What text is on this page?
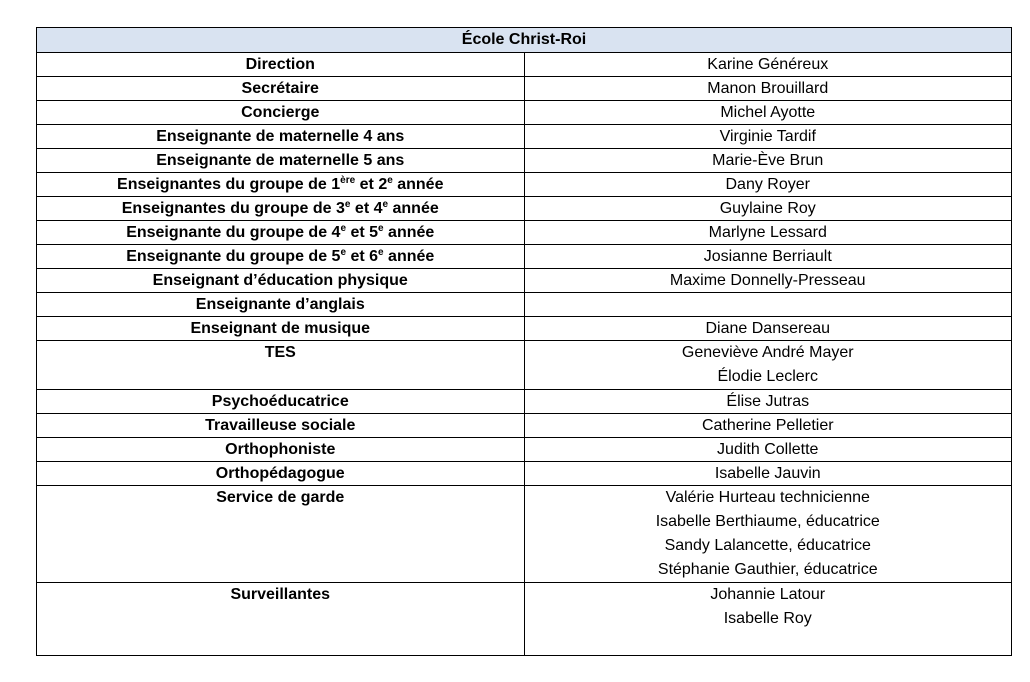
École Christ-Roi	
Direction	Karine Généreux
Secrétaire	Manon Brouillard
Concierge	Michel Ayotte
Enseignante de maternelle 4 ans	Virginie Tardif
Enseignante de maternelle 5 ans	Marie-Ève Brun
Enseignantes du groupe de 1ère et 2e année	Dany Royer
Enseignantes du groupe de 3e et 4e année	Guylaine Roy
Enseignante du groupe de 4e et 5e année	Marlyne Lessard
Enseignante du groupe de 5e et 6e année	Josianne Berriault
Enseignant d’éducation physique	Maxime Donnelly-Presseau
Enseignante d’anglais	
Enseignant de musique	Diane Dansereau
TES	Geneviève André Mayer
Élodie Leclerc

Psychoéducatrice	Élise Jutras
Travailleuse sociale	Catherine Pelletier
Orthophoniste	Judith Collette
Orthopédagogue	Isabelle Jauvin
Service de garde	Valérie Hurteau technicienne
Isabelle Berthiaume, éducatrice
Sandy Lalancette, éducatrice
Stéphanie Gauthier, éducatrice

Surveillantes	Johannie Latour
Isabelle Roy
